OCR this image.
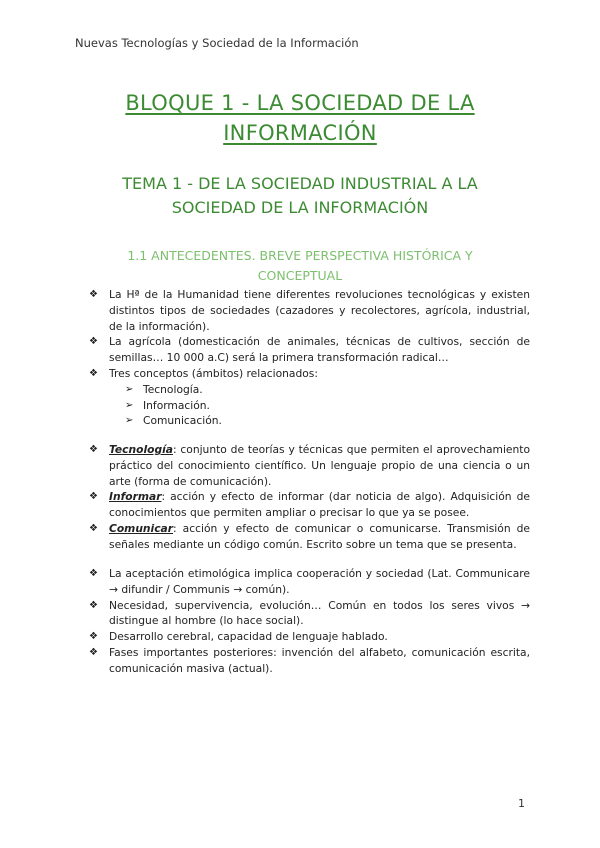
Nuevas Tecnologías y Sociedad de la Información
BLOQUE 1 - LA SOCIEDAD DE LA
INFORMACIÓN
TEMA 1 - DE LA SOCIEDAD INDUSTRIAL A LA
SOCIEDAD DE LA INFORMACIÓN
1.1 ANTECEDENTES. BREVE PERSPECTIVA HISTÓRICA Y
CONCEPTUAL
❖ La Hª de la Humanidad tiene diferentes revoluciones tecnológicas y existen distintos tipos de sociedades (cazadores y recolectores, agrícola, industrial, de la información).
❖ La agrícola (domesticación de animales, técnicas de cultivos, sección de semillas… 10 000 a.C) será la primera transformación radical…
❖ Tres conceptos (ámbitos) relacionados:
➢ Tecnología.
➢ Información.
➢ Comunicación.
❖ Tecnología: conjunto de teorías y técnicas que permiten el aprovechamiento práctico del conocimiento científico. Un lenguaje propio de una ciencia o un arte (forma de comunicación).
❖ Informar: acción y efecto de informar (dar noticia de algo). Adquisición de conocimientos que permiten ampliar o precisar lo que ya se posee.
❖ Comunicar: acción y efecto de comunicar o comunicarse. Transmisión de señales mediante un código común. Escrito sobre un tema que se presenta.
❖ La aceptación etimológica implica cooperación y sociedad (Lat. Communicare → difundir / Communis → común).
❖ Necesidad, supervivencia, evolución… Común en todos los seres vivos → distingue al hombre (lo hace social).
❖ Desarrollo cerebral, capacidad de lenguaje hablado.
❖ Fases importantes posteriores: invención del alfabeto, comunicación escrita, comunicación masiva (actual).
1
